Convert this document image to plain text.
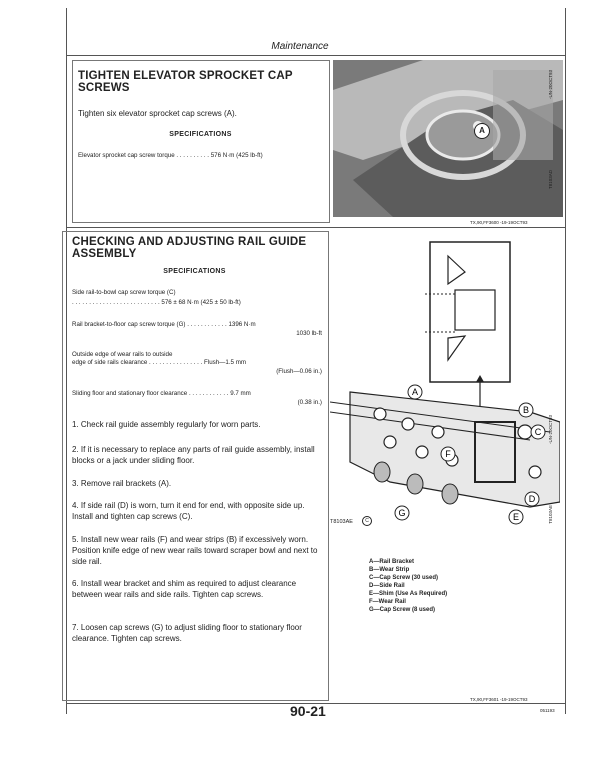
Maintenance
TIGHTEN ELEVATOR SPROCKET CAP SCREWS
Tighten six elevator sprocket cap screws (A).
SPECIFICATIONS
Elevator sprocket cap screw torque . . . . . . . . . . 576 N·m (425 lb-ft)
A
-UN-20OCT93
T8103AD
TX,90,FF3600 -19-19OCT93
CHECKING AND ADJUSTING RAIL GUIDE ASSEMBLY
SPECIFICATIONS
Side rail-to-bowl cap screw torque (C)
. . . . . . . . . . . . . . . . . . . . . . . . . . 576 ± 68 N·m (425 ± 50 lb-ft)
Rail bracket-to-floor cap screw torque (G) . . . . . . . . . . . . 1396 N·m
1030 lb-ft
Outside edge of wear rails to outside
edge of side rails clearance . . . . . . . . . . . . . . . . Flush—1.5 mm
(Flush—0.06 in.)
Sliding floor and stationary floor clearance . . . . . . . . . . . . 9.7 mm
(0.38 in.)
1. Check rail guide assembly regularly for worn parts.
2. If it is necessary to replace any parts of rail guide assembly, install blocks or a jack under sliding floor.
3. Remove rail brackets (A).
4. If side rail (D) is worn, turn it end for end, with opposite side up. Install and tighten cap screws (C).
5. Install new wear rails (F) and wear strips (B) if excessively worn. Position knife edge of new wear rails toward scraper bowl and next to side rail.
6. Install wear bracket and shim as required to adjust clearance between wear rails and side rails. Tighten cap screws.
7. Loosen cap screws (G) to adjust sliding floor to stationary floor clearance. Tighten cap screws.
A
B
C
D
E
F
G
T8103AE	C
-UN-20OCT93
T8103AE
A—Rail Bracket
B—Wear Strip
C—Cap Screw (30 used)
D—Side Rail
E—Shim (Use As Required)
F—Wear Rail
G—Cap Screw (8 used)
TX,90,FF3601 -19-19OCT93
90-21	051193
